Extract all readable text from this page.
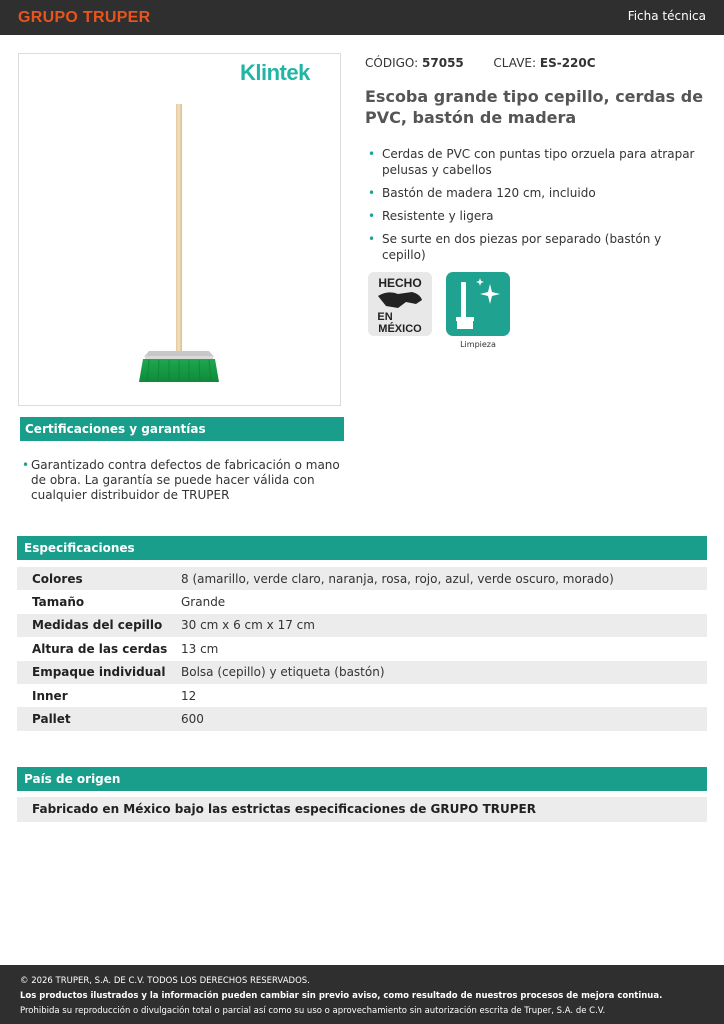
GRUPO TRUPER	Ficha técnica
Klintek	CÓDIGO: 57055 CLAVE: ES-220C
Escoba grande tipo cepillo, cerdas de PVC, bastón de madera
• Cerdas de PVC con puntas tipo orzuela para atrapar pelusas y cabellos
• Bastón de madera 120 cm, incluido
• Resistente y ligera
• Se surte en dos piezas por separado (bastón y cepillo)
HECHO
EN
MÉXICO
Limpieza
Certificaciones y garantías
• Garantizado contra defectos de fabricación o mano de obra. La garantía se puede hacer válida con cualquier distribuidor de TRUPER
Especificaciones
Colores	8 (amarillo, verde claro, naranja, rosa, rojo, azul, verde oscuro, morado)
Tamaño	Grande
Medidas del cepillo	30 cm x 6 cm x 17 cm
Altura de las cerdas	13 cm
Empaque individual	Bolsa (cepillo) y etiqueta (bastón)
Inner	12
Pallet	600
País de origen
Fabricado en México bajo las estrictas especificaciones de GRUPO TRUPER
© 2026 TRUPER, S.A. DE C.V. TODOS LOS DERECHOS RESERVADOS.
Los productos ilustrados y la información pueden cambiar sin previo aviso, como resultado de nuestros procesos de mejora continua.
Prohibida su reproducción o divulgación total o parcial así como su uso o aprovechamiento sin autorización escrita de Truper, S.A. de C.V.
